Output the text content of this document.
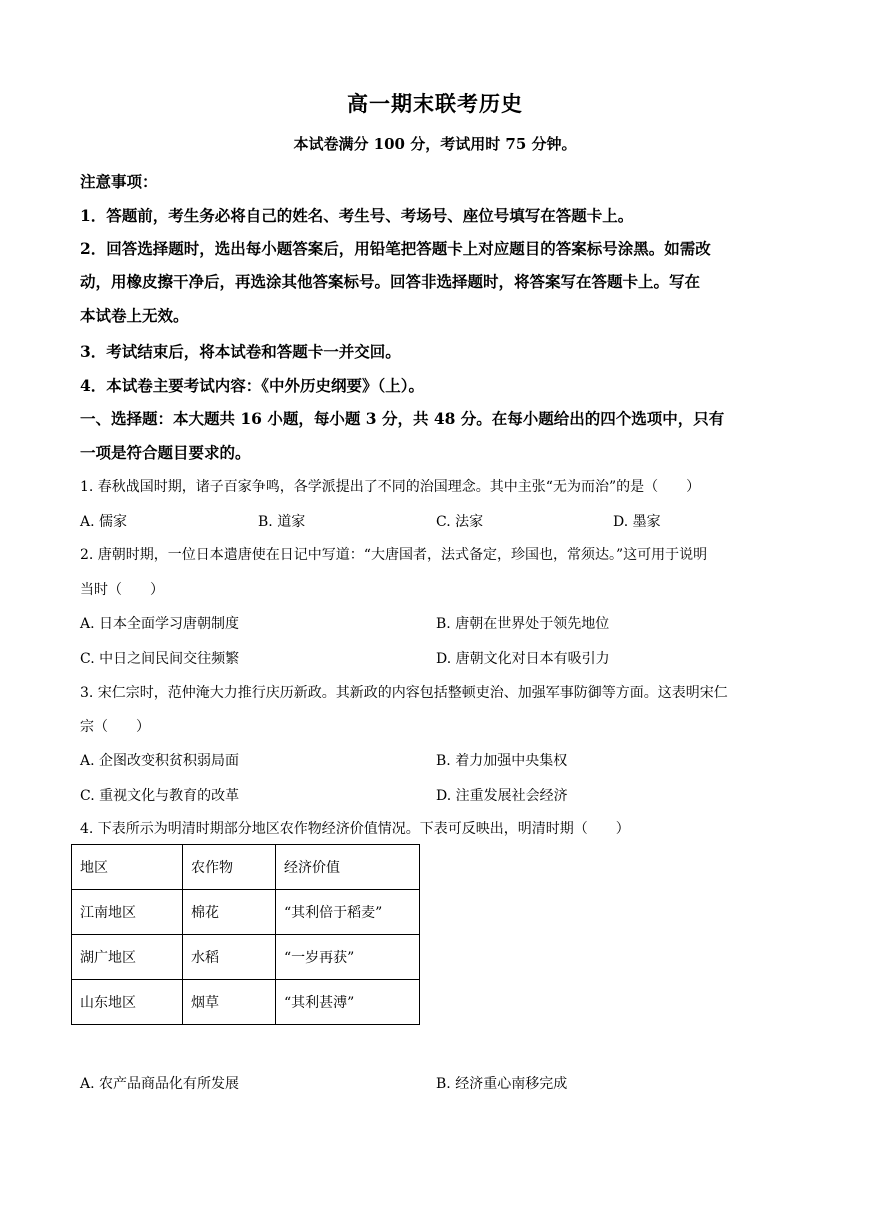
高一期末联考历史
本试卷满分 100 分，考试用时 75 分钟。
注意事项：
1．答题前，考生务必将自己的姓名、考生号、考场号、座位号填写在答题卡上。
2．回答选择题时，选出每小题答案后，用铅笔把答题卡上对应题目的答案标号涂黑。如需改
动，用橡皮擦干净后，再选涂其他答案标号。回答非选择题时，将答案写在答题卡上。写在
本试卷上无效。
3．考试结束后，将本试卷和答题卡一并交回。
4．本试卷主要考试内容：《中外历史纲要》（上）。
一、选择题：本大题共 16 小题，每小题 3 分，共 48 分。在每小题给出的四个选项中，只有
一项是符合题目要求的。
1. 春秋战国时期，诸子百家争鸣，各学派提出了不同的治国理念。其中主张“无为而治”的是（　　）
A. 儒家	B. 道家	C. 法家	D. 墨家
2. 唐朝时期，一位日本遣唐使在日记中写道：“大唐国者，法式备定，珍国也，常须达。”这可用于说明
当时（　　）
A. 日本全面学习唐朝制度	B. 唐朝在世界处于领先地位
C. 中日之间民间交往频繁	D. 唐朝文化对日本有吸引力
3. 宋仁宗时，范仲淹大力推行庆历新政。其新政的内容包括整顿吏治、加强军事防御等方面。这表明宋仁
宗（　　）
A. 企图改变积贫积弱局面	B. 着力加强中央集权
C. 重视文化与教育的改革	D. 注重发展社会经济
4. 下表所示为明清时期部分地区农作物经济价值情况。下表可反映出，明清时期（　　）
地区	农作物	经济价值
江南地区	棉花	“其利倍于稻麦”
湖广地区	水稻	“一岁再获”
山东地区	烟草	“其利甚溥”
A. 农产品商品化有所发展	B. 经济重心南移完成
